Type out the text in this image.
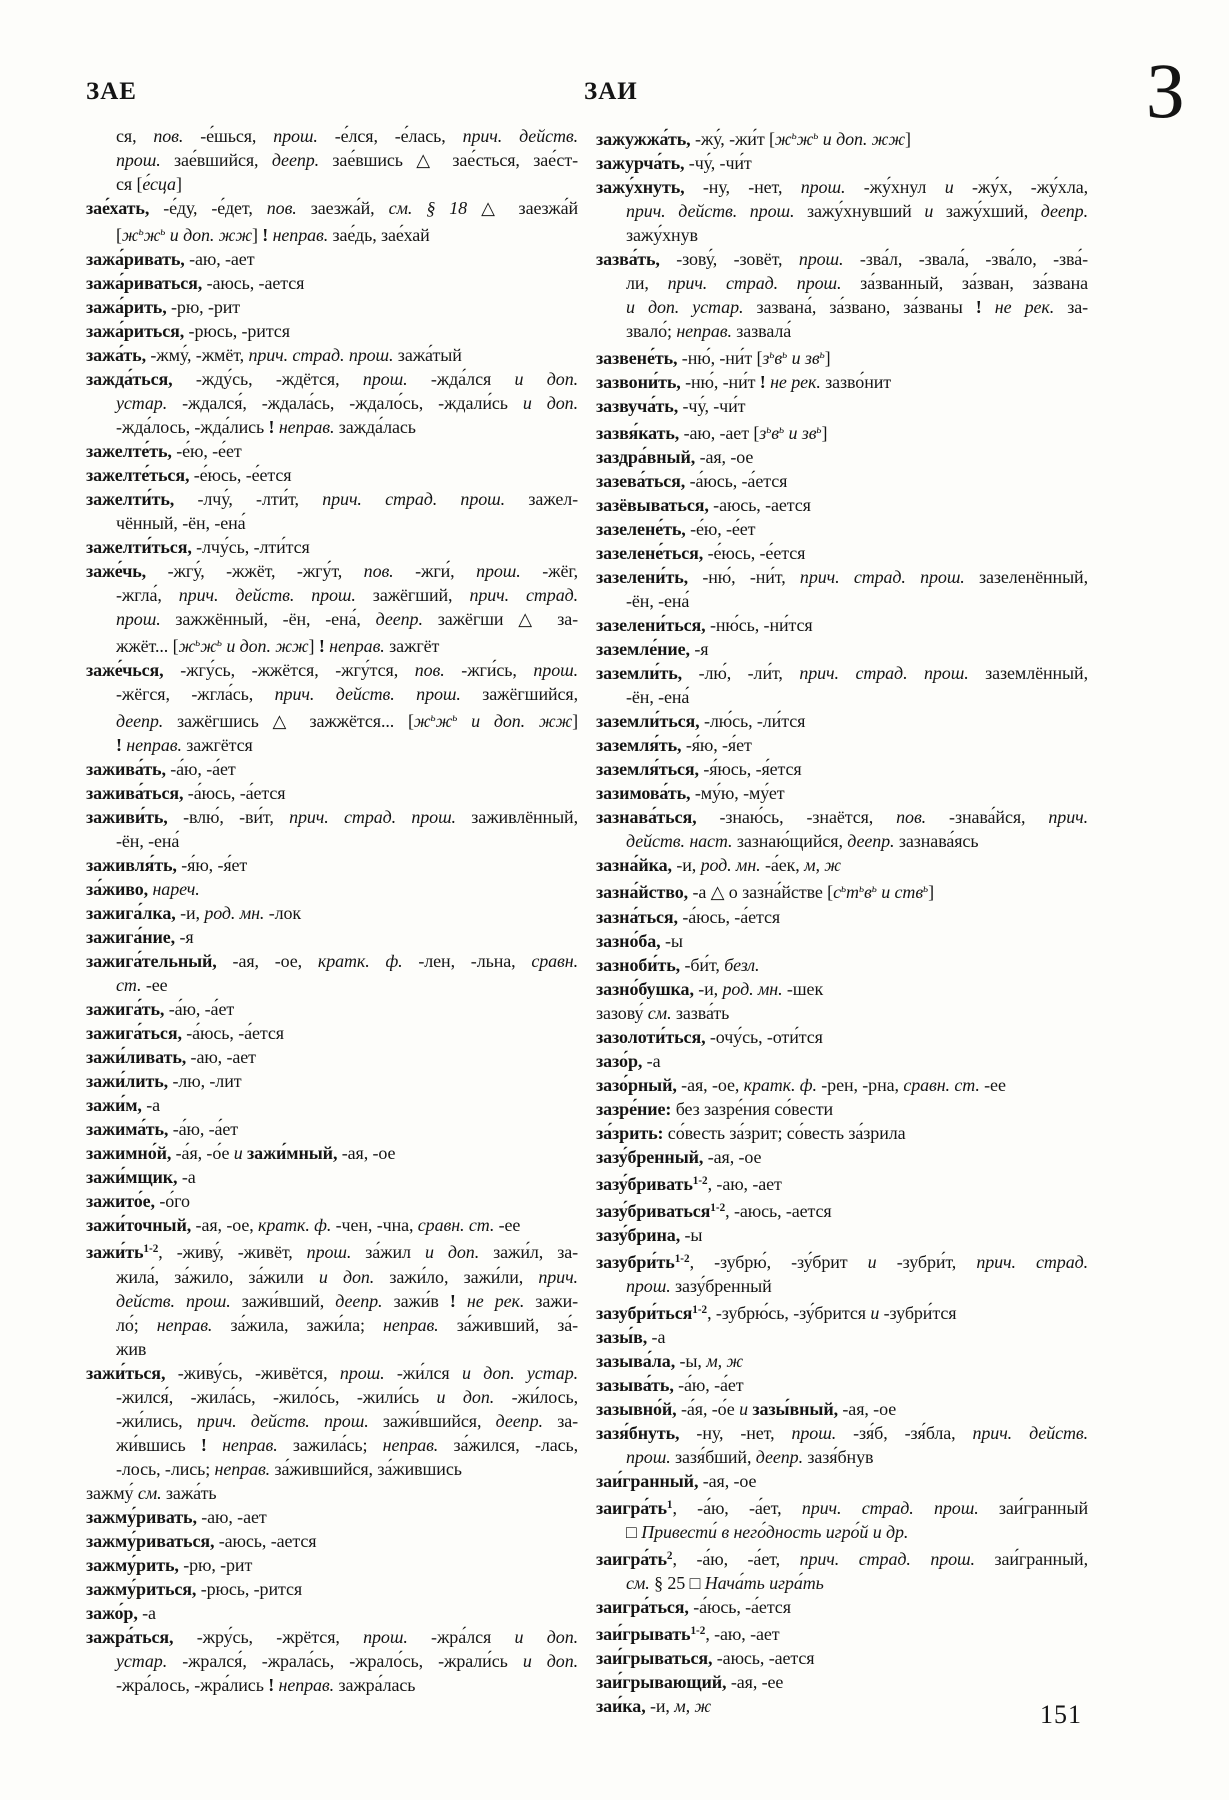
ЗАЕ	ЗАИ	З
ся, пов. -е́шься, прош. -е́лся, -е́лась, прич. действ.
прош. зае́вшийся, деепр. зае́вшись △ зае́сться, зае́ст-
ся [е́сца]
зае́хать, -е́ду, -е́дет, пов. заезжа́й, см. § 18 △ заезжа́й
[$ж^ьж^ь$ и доп. жж] ! неправ. зае́дь, зае́хай
зажа́ривать, -аю, -ает
зажа́риваться, -аюсь, -ается
зажа́рить, -рю, -рит
зажа́риться, -рюсь, -рится
зажа́ть, -жму́, -жмёт, прич. страд. прош. зажа́тый
зажда́ться, -жду́сь, -ждётся, прош. -жда́лся и доп.
устар. -ждался́, -ждала́сь, -ждало́сь, -ждали́сь и доп.
-жда́лось, -жда́лись ! неправ. зажда́лась
зажелте́ть, -е́ю, -е́ет
зажелте́ться, -е́юсь, -е́ется
зажелти́ть, -лчу́, -лти́т, прич. страд. прош. зажел-
чённый, -ён, -ена́
зажелти́ться, -лчу́сь, -лти́тся
заже́чь, -жгу́, -жжёт, -жгу́т, пов. -жги́, прош. -жёг,
-жгла́, прич. действ. прош. зажёгший, прич. страд.
прош. зажжённый, -ён, -ена́, деепр. зажёгши △ за-
жжёт... [$ж^ьж^ь$ и доп. жж] ! неправ. зажгёт
заже́чься, -жгу́сь, -жжётся, -жгу́тся, пов. -жги́сь, прош.
-жёгся, -жгла́сь, прич. действ. прош. зажёгшийся,
деепр. зажёгшись △ зажжётся... [$ж^ьж^ь$ и доп. жж]
! неправ. зажгётся
зажива́ть, -а́ю, -а́ет
зажива́ться, -а́юсь, -а́ется
заживи́ть, -влю́, -ви́т, прич. страд. прош. заживлённый,
-ён, -ена́
заживля́ть, -я́ю, -я́ет
за́живо, нареч.
зажига́лка, -и, род. мн. -лок
зажига́ние, -я
зажига́тельный, -ая, -ое, кратк. ф. -лен, -льна, сравн.
ст. -ее
зажига́ть, -а́ю, -а́ет
зажига́ться, -а́юсь, -а́ется
зажи́ливать, -аю, -ает
зажи́лить, -лю, -лит
зажи́м, -а
зажима́ть, -а́ю, -а́ет
зажимно́й, -а́я, -о́е и зажи́мный, -ая, -ое
зажи́мщик, -а
зажито́е, -о́го
зажи́точный, -ая, -ое, кратк. ф. -чен, -чна, сравн. ст. -ее
$зажи́ть^{1-2}$, -живу́, -живёт, прош. за́жил и доп. зажи́л, за-
жила́, за́жило, за́жили и доп. зажи́ло, зажи́ли, прич.
действ. прош. зажи́вший, деепр. зажи́в ! не рек. зажи-
ло́; неправ. за́жила, зажи́ла; неправ. за́живший, за́-
жив
зажи́ться, -живу́сь, -живётся, прош. -жи́лся и доп. устар.
-жился́, -жила́сь, -жило́сь, -жили́сь и доп. -жи́лось,
-жи́лись, прич. действ. прош. зажи́вшийся, деепр. за-
жи́вшись ! неправ. зажила́сь; неправ. за́жился, -лась,
-лось, -лись; неправ. за́жившийся, за́жившись
зажму́ см. зажа́ть
зажму́ривать, -аю, -ает
зажму́риваться, -аюсь, -ается
зажму́рить, -рю, -рит
зажму́риться, -рюсь, -рится
зажо́р, -а
зажра́ться, -жру́сь, -жрётся, прош. -жра́лся и доп.
устар. -жрался́, -жрала́сь, -жрало́сь, -жрали́сь и доп.
-жра́лось, -жра́лись ! неправ. зажра́лась
зажужжа́ть, -жу́, -жи́т [$ж^ьж^ь$ и доп. жж]
зажурча́ть, -чу́, -чи́т
зажу́хнуть, -ну, -нет, прош. -жу́хнул и -жу́х, -жу́хла,
прич. действ. прош. зажу́хнувший и зажу́хший, деепр.
зажу́хнув
зазва́ть, -зову́, -зовёт, прош. -зва́л, -звала́, -зва́ло, -зва́-
ли, прич. страд. прош. за́званный, за́зван, за́звана
и доп. устар. зазвана́, за́звано, за́званы ! не рек. за-
звало́; неправ. зазвала́
зазвене́ть, -ню́, -ни́т [$з^ьв^ь$ и $зв^ь$]
зазвони́ть, -ню́, -ни́т ! не рек. зазво́нит
зазвуча́ть, -чу́, -чи́т
зазвя́кать, -аю, -ает [$з^ьв^ь$ и $зв^ь$]
заздра́вный, -ая, -ое
зазева́ться, -а́юсь, -а́ется
зазёвываться, -аюсь, -ается
зазелене́ть, -е́ю, -е́ет
зазелене́ться, -е́юсь, -е́ется
зазелени́ть, -ню́, -ни́т, прич. страд. прош. зазеленённый,
-ён, -ена́
зазелени́ться, -ню́сь, -ни́тся
заземле́ние, -я
заземли́ть, -лю́, -ли́т, прич. страд. прош. заземлённый,
-ён, -ена́
заземли́ться, -лю́сь, -ли́тся
заземля́ть, -я́ю, -я́ет
заземля́ться, -я́юсь, -я́ется
зазимова́ть, -му́ю, -му́ет
зазнава́ться, -знаю́сь, -знаётся, пов. -знава́йся, прич.
действ. наст. зазнаю́щийся, деепр. зазнава́ясь
зазна́йка, -и, род. мн. -а́ек, м, ж
зазна́йство, -а △ о зазна́йстве [$с^ьт^ьв^ь$ и ств$^ь$]
зазна́ться, -а́юсь, -а́ется
зазно́ба, -ы
зазноби́ть, -би́т, безл.
зазно́бушка, -и, род. мн. -шек
зазову́ см. зазва́ть
зазолоти́ться, -очу́сь, -оти́тся
зазо́р, -а
зазо́рный, -ая, -ое, кратк. ф. -рен, -рна, сравн. ст. -ее
зазре́ние: без зазре́ния со́вести
за́зрить: со́весть за́зрит; со́весть за́зрила
зазу́бренный, -ая, -ое
зазу́бривать$^{1-2}$, -аю, -ает
зазу́бриваться$^{1-2}$, -аюсь, -ается
зазу́брина, -ы
$зазубри́ть^{1-2}$, -зубрю́, -зу́брит и -зубри́т, прич. страд.
прош. зазу́бренный
зазубри́ться$^{1-2}$, -зубрю́сь, -зу́брится и -зубри́тся
зазы́в, -а
зазыва́ла, -ы, м, ж
зазыва́ть, -а́ю, -а́ет
зазывно́й, -а́я, -о́е и зазы́вный, -ая, -ое
зазя́бнуть, -ну, -нет, прош. -зя́б, -зя́бла, прич. действ.
прош. зазя́бший, деепр. зазя́бнув
заи́гранный, -ая, -ое
$заигра́ть^1$, -а́ю, -а́ет, прич. страд. прош. заи́гранный
□ Привести́ в него́дность игро́й и др.
$заигра́ть^2$, -а́ю, -а́ет, прич. страд. прош. заи́гранный,
см. § 25 □ Нача́ть игра́ть
заигра́ться, -а́юсь, -а́ется
заи́грывать$^{1-2}$, -аю, -ает
заи́грываться, -аюсь, -ается
заи́грывающий, -ая, -ее
заи́ка, -и, м, ж	151
